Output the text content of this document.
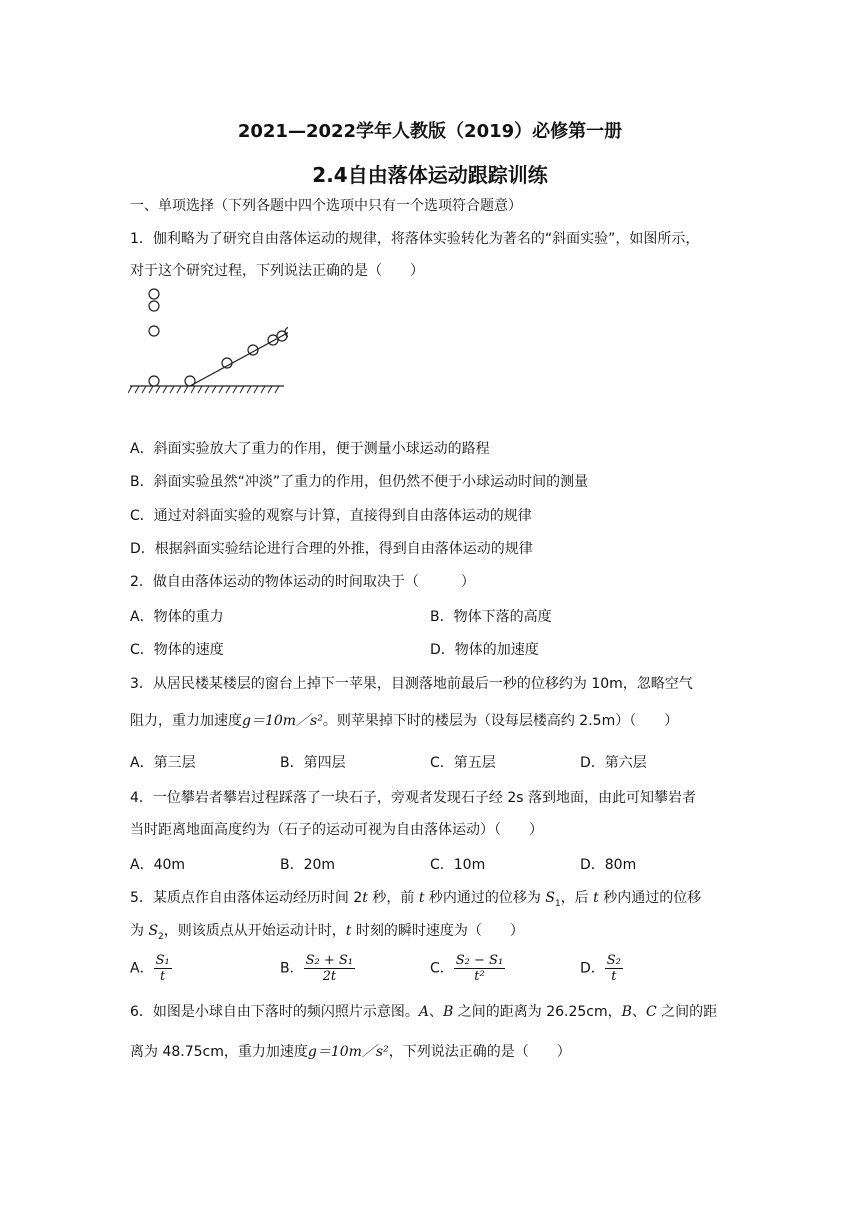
2021—2022学年人教版（2019）必修第一册
2.4自由落体运动跟踪训练
一、单项选择（下列各题中四个选项中只有一个选项符合题意）
1．伽利略为了研究自由落体运动的规律，将落体实验转化为著名的“斜面实验”，如图所示，
对于这个研究过程，下列说法正确的是（　　）
A．斜面实验放大了重力的作用，便于测量小球运动的路程
B．斜面实验虽然“冲淡”了重力的作用，但仍然不便于小球运动时间的测量
C．通过对斜面实验的观察与计算，直接得到自由落体运动的规律
D．根据斜面实验结论进行合理的外推，得到自由落体运动的规律
2．做自由落体运动的物体运动的时间取决于（　　　）
A．物体的重力	B．物体下落的高度
C．物体的速度	D．物体的加速度
3．从居民楼某楼层的窗台上掉下一苹果，目测落地前最后一秒的位移约为 10m，忽略空气
阻力，重力加速度g＝10m／s²。则苹果掉下时的楼层为（设每层楼高约 2.5m）（　　）
A．第三层	B．第四层	C．第五层	D．第六层
4．一位攀岩者攀岩过程踩落了一块石子，旁观者发现石子经 2s 落到地面，由此可知攀岩者
当时距离地面高度约为（石子的运动可视为自由落体运动）（　　）
A．40m	B．20m	C．10m	D．80m
5．某质点作自由落体运动经历时间 2t 秒，前 t 秒内通过的位移为 $S_1$，后 t 秒内通过的位移
为 $S_2$，则该质点从开始运动计时，t 时刻的瞬时速度为（　　）
A． $\frac{\text{S₁}}{t}$	B． $\frac{\text{S₂ + S₁}}{2t}$	C． $\frac{\text{S₂ − S₁}}{\text{t²}}$	D． $\frac{\text{S₂}}{t}$
6．如图是小球自由下落时的频闪照片示意图。A、B 之间的距离为 26.25cm，B、C 之间的距
离为 48.75cm，重力加速度g＝10m／s²，下列说法正确的是（　　）
